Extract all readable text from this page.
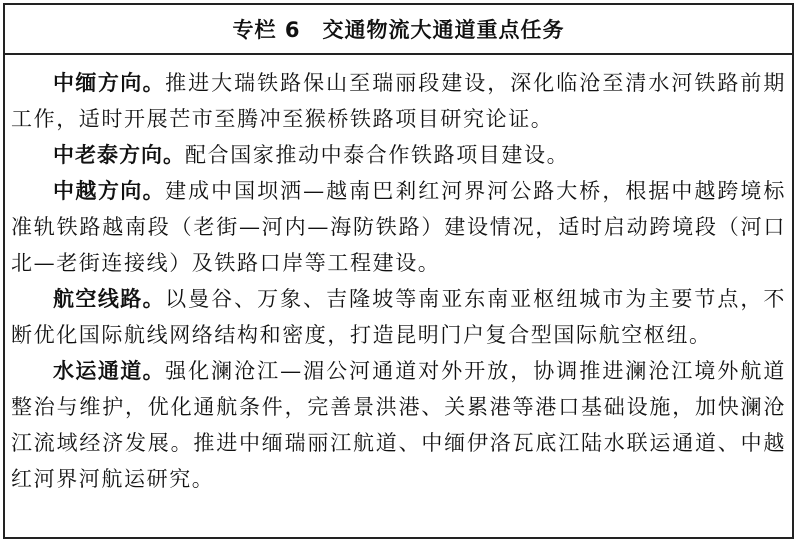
专栏 6 交通物流大通道重点任务

中缅方向。推进大瑞铁路保山至瑞丽段建设，深化临沧至清水河铁路前期工作，适时开展芒市至腾冲至猴桥铁路项目研究论证。

中老泰方向。配合国家推动中泰合作铁路项目建设。

中越方向。建成中国坝洒—越南巴剎红河界河公路大桥，根据中越跨境标准轨铁路越南段（老街—河内—海防铁路）建设情况，适时启动跨境段（河口北—老街连接线）及铁路口岸等工程建设。

航空线路。以曼谷、万象、吉隆坡等南亚东南亚枢纽城市为主要节点，不断优化国际航线网络结构和密度，打造昆明门户复合型国际航空枢纽。

水运通道。强化澜沧江—湄公河通道对外开放，协调推进澜沧江境外航道整治与维护，优化通航条件，完善景洪港、关累港等港口基础设施，加快澜沧江流域经济发展。推进中缅瑞丽江航道、中缅伊洛瓦底江陆水联运通道、中越红河界河航运研究。
